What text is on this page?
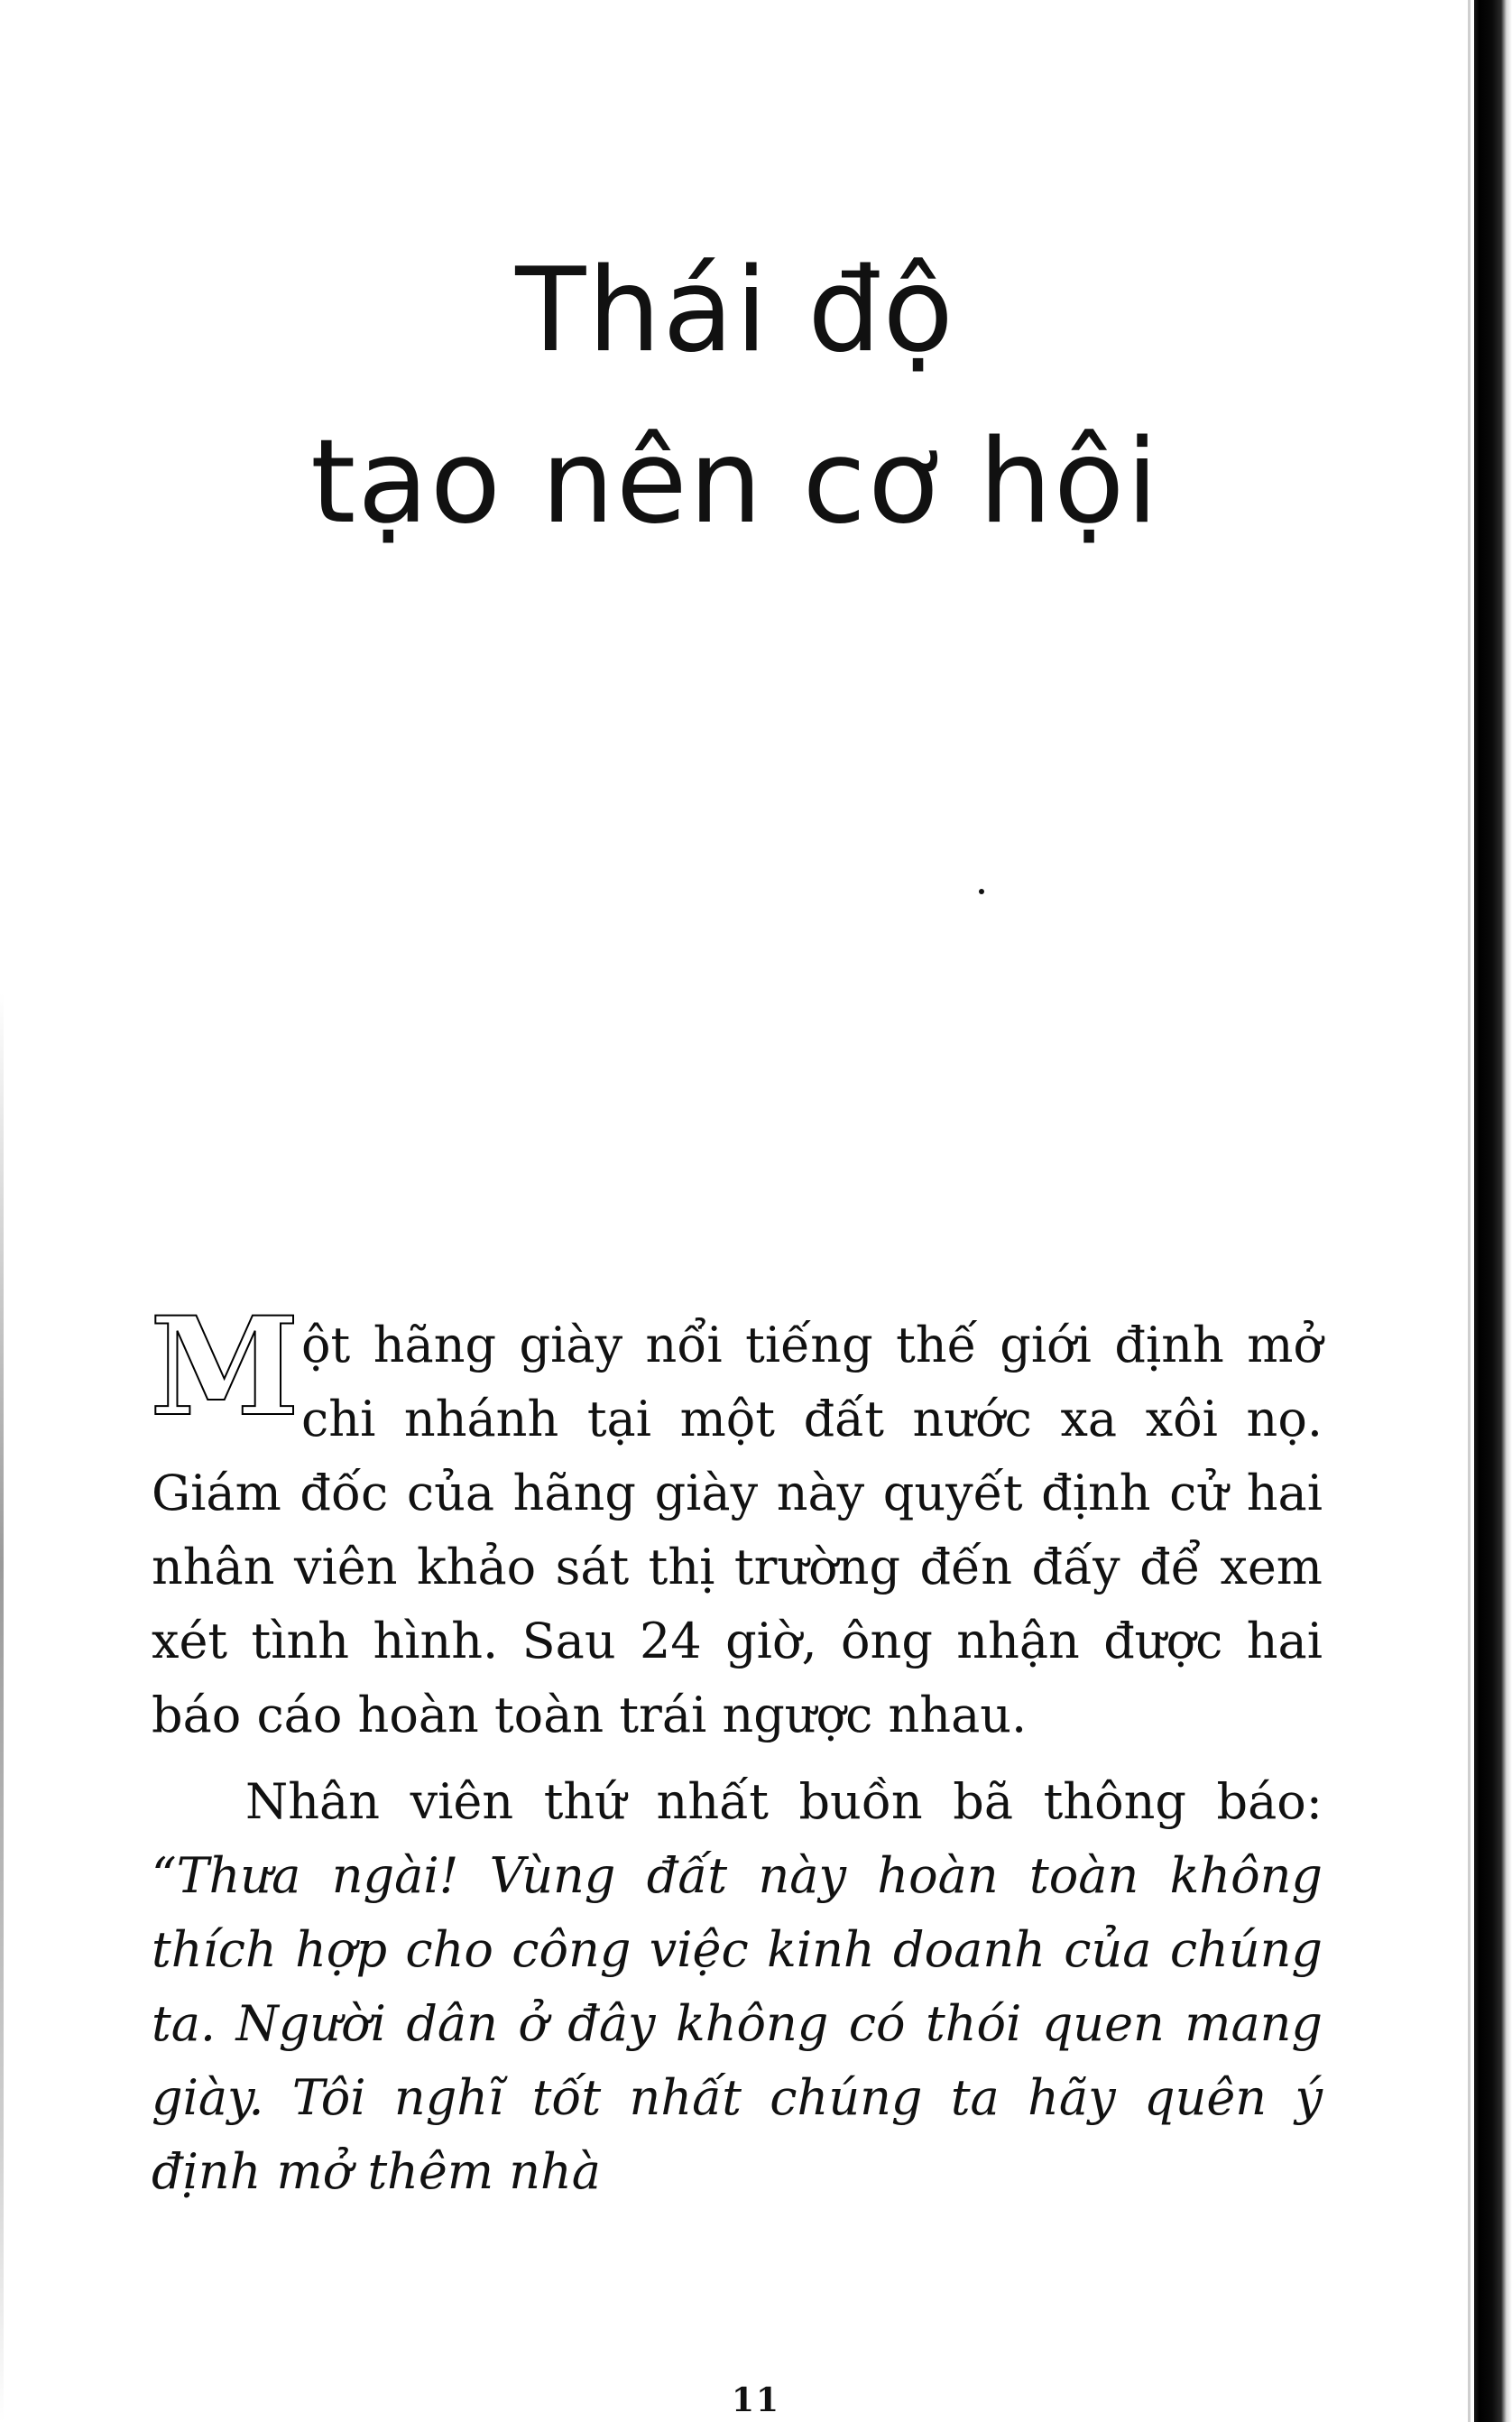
Thái độ
tạo nên cơ hội

Một hãng giày nổi tiếng thế giới định mở chi nhánh tại một đất nước xa xôi nọ. Giám đốc của hãng giày này quyết định cử hai nhân viên khảo sát thị trường đến đấy để xem xét tình hình. Sau 24 giờ, ông nhận được hai báo cáo hoàn toàn trái ngược nhau.

Nhân viên thứ nhất buồn bã thông báo: “Thưa ngài! Vùng đất này hoàn toàn không thích hợp cho công việc kinh doanh của chúng ta. Người dân ở đây không có thói quen mang giày. Tôi nghĩ tốt nhất chúng ta hãy quên ý định mở thêm nhà

11
